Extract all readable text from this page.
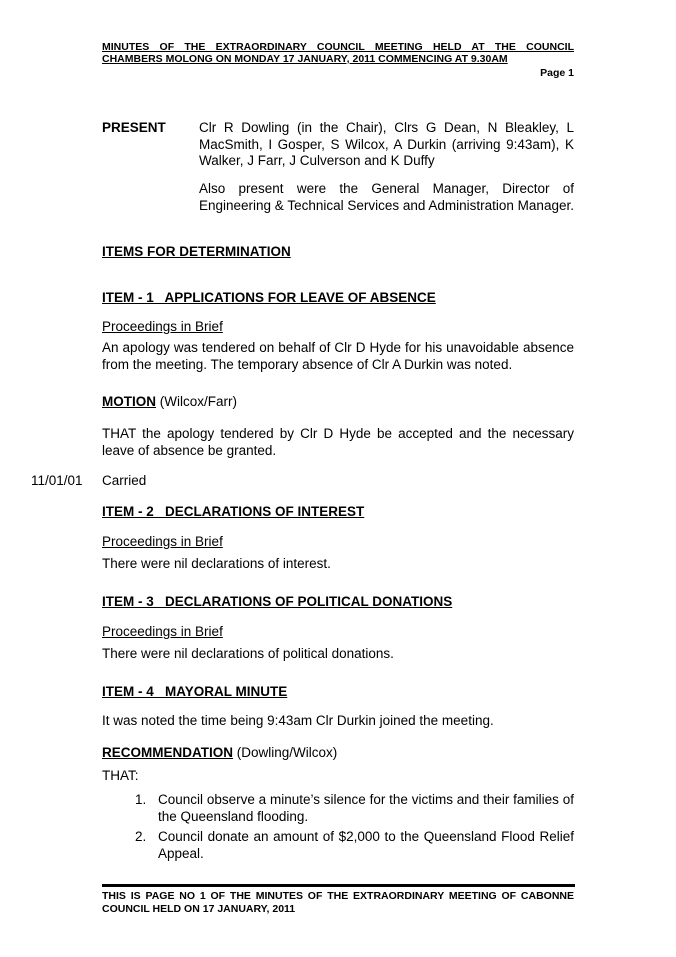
MINUTES OF THE EXTRAORDINARY COUNCIL MEETING HELD AT THE COUNCIL
CHAMBERS MOLONG ON MONDAY 17 JANUARY, 2011 COMMENCING AT 9.30AM
Page 1
PRESENT Clr R Dowling (in the Chair), Clrs G Dean, N Bleakley, L MacSmith, I Gosper, S Wilcox, A Durkin (arriving 9:43am), K Walker, J Farr, J Culverson and K Duffy
Also present were the General Manager, Director of Engineering & Technical Services and Administration Manager.
ITEMS FOR DETERMINATION
ITEM - 1   APPLICATIONS FOR LEAVE OF ABSENCE
Proceedings in Brief
An apology was tendered on behalf of Clr D Hyde for his unavoidable absence from the meeting. The temporary absence of Clr A Durkin was noted.
MOTION (Wilcox/Farr)
THAT the apology tendered by Clr D Hyde be accepted and the necessary leave of absence be granted.
11/01/01 Carried
ITEM - 2   DECLARATIONS OF INTEREST
Proceedings in Brief
There were nil declarations of interest.
ITEM - 3   DECLARATIONS OF POLITICAL DONATIONS
Proceedings in Brief
There were nil declarations of political donations.
ITEM - 4   MAYORAL MINUTE
It was noted the time being 9:43am Clr Durkin joined the meeting.
RECOMMENDATION (Dowling/Wilcox)
THAT:
1. Council observe a minute’s silence for the victims and their families of the Queensland flooding.
2. Council donate an amount of $2,000 to the Queensland Flood Relief Appeal.
THIS IS PAGE NO 1 OF THE MINUTES OF THE EXTRAORDINARY MEETING OF CABONNE COUNCIL HELD ON 17 JANUARY, 2011
